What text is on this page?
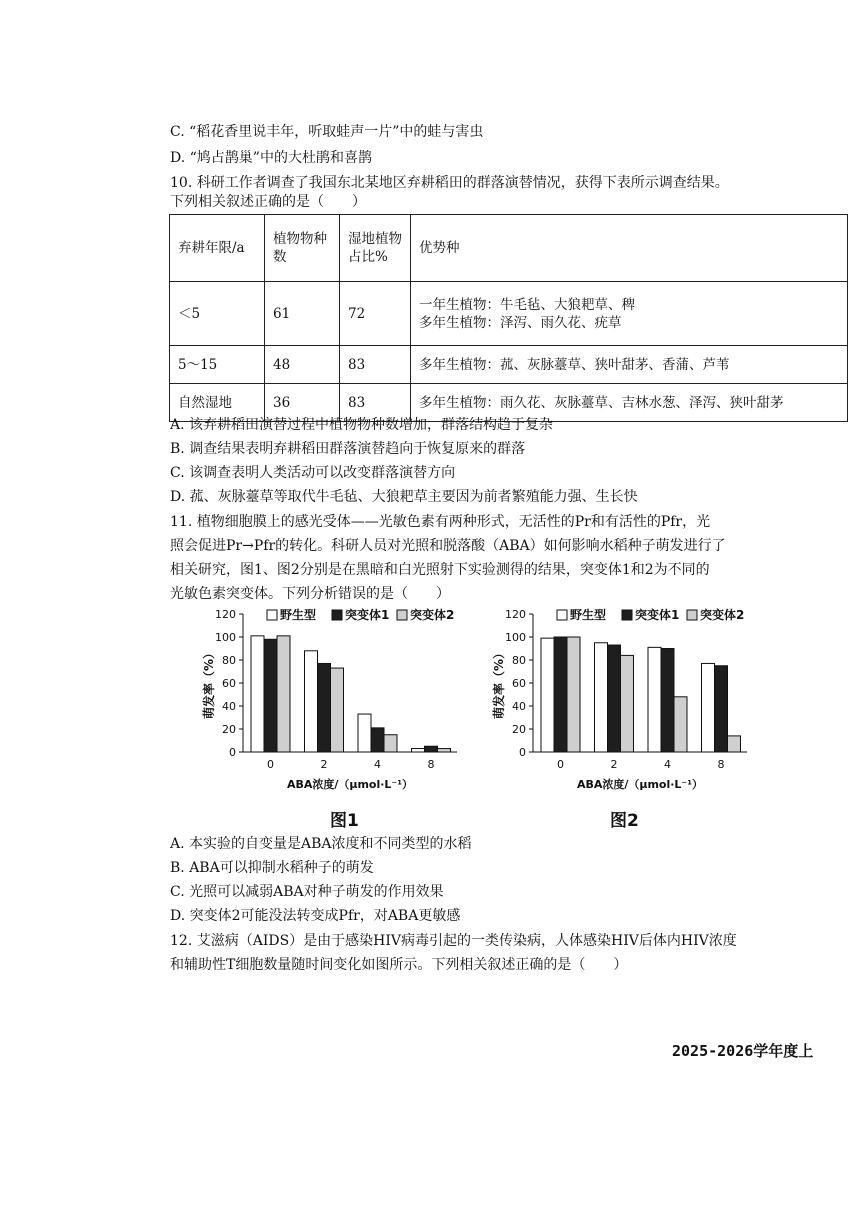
C. “稻花香里说丰年，听取蛙声一片”中的蛙与害虫
D. “鸠占鹊巢”中的大杜鹃和喜鹊
10. 科研工作者调查了我国东北某地区弃耕稻田的群落演替情况，获得下表所示调查结果。
下列相关叙述正确的是（　　）
弃耕年限/a	植物物种数	湿地植物占比%	优势种
＜5	61	72	一年生植物：牛毛毡、大狼耙草、稗
多年生植物：泽泻、雨久花、疣草

5～15	48	83	多年生植物：菰、灰脉薹草、狭叶甜茅、香蒲、芦苇
自然湿地	36	83	多年生植物：雨久花、灰脉薹草、吉林水葱、泽泻、狭叶甜茅
A. 该弃耕稻田演替过程中植物物种数增加，群落结构趋于复杂
B. 调查结果表明弃耕稻田群落演替趋向于恢复原来的群落
C. 该调查表明人类活动可以改变群落演替方向
D. 菰、灰脉薹草等取代牛毛毡、大狼耙草主要因为前者繁殖能力强、生长快
11. 植物细胞膜上的感光受体——光敏色素有两种形式，无活性的Pr和有活性的Pfr，光
照会促进Pr→Pfr的转化。科研人员对光照和脱落酸（ABA）如何影响水稻种子萌发进行了
相关研究，图1、图2分别是在黑暗和白光照射下实验测得的结果，突变体1和2为不同的
光敏色素突变体。下列分析错误的是（　　）
0
20
40
60
80
100
120
萌发率（%）
0	2	4	8
ABA浓度/（μmol·L⁻¹）
野生型 突变体1 突变体2
0
20
40
60
80
100
120
萌发率（%）
0	2	4	8
ABA浓度/（μmol·L⁻¹）
野生型 突变体1 突变体2
图1	图2
A. 本实验的自变量是ABA浓度和不同类型的水稻
B. ABA可以抑制水稻种子的萌发
C. 光照可以减弱ABA对种子萌发的作用效果
D. 突变体2可能没法转变成Pfr，对ABA更敏感
12. 艾滋病（AIDS）是由于感染HIV病毒引起的一类传染病，人体感染HIV后体内HIV浓度
和辅助性T细胞数量随时间变化如图所示。下列相关叙述正确的是（　　）
2025-2026学年度上
